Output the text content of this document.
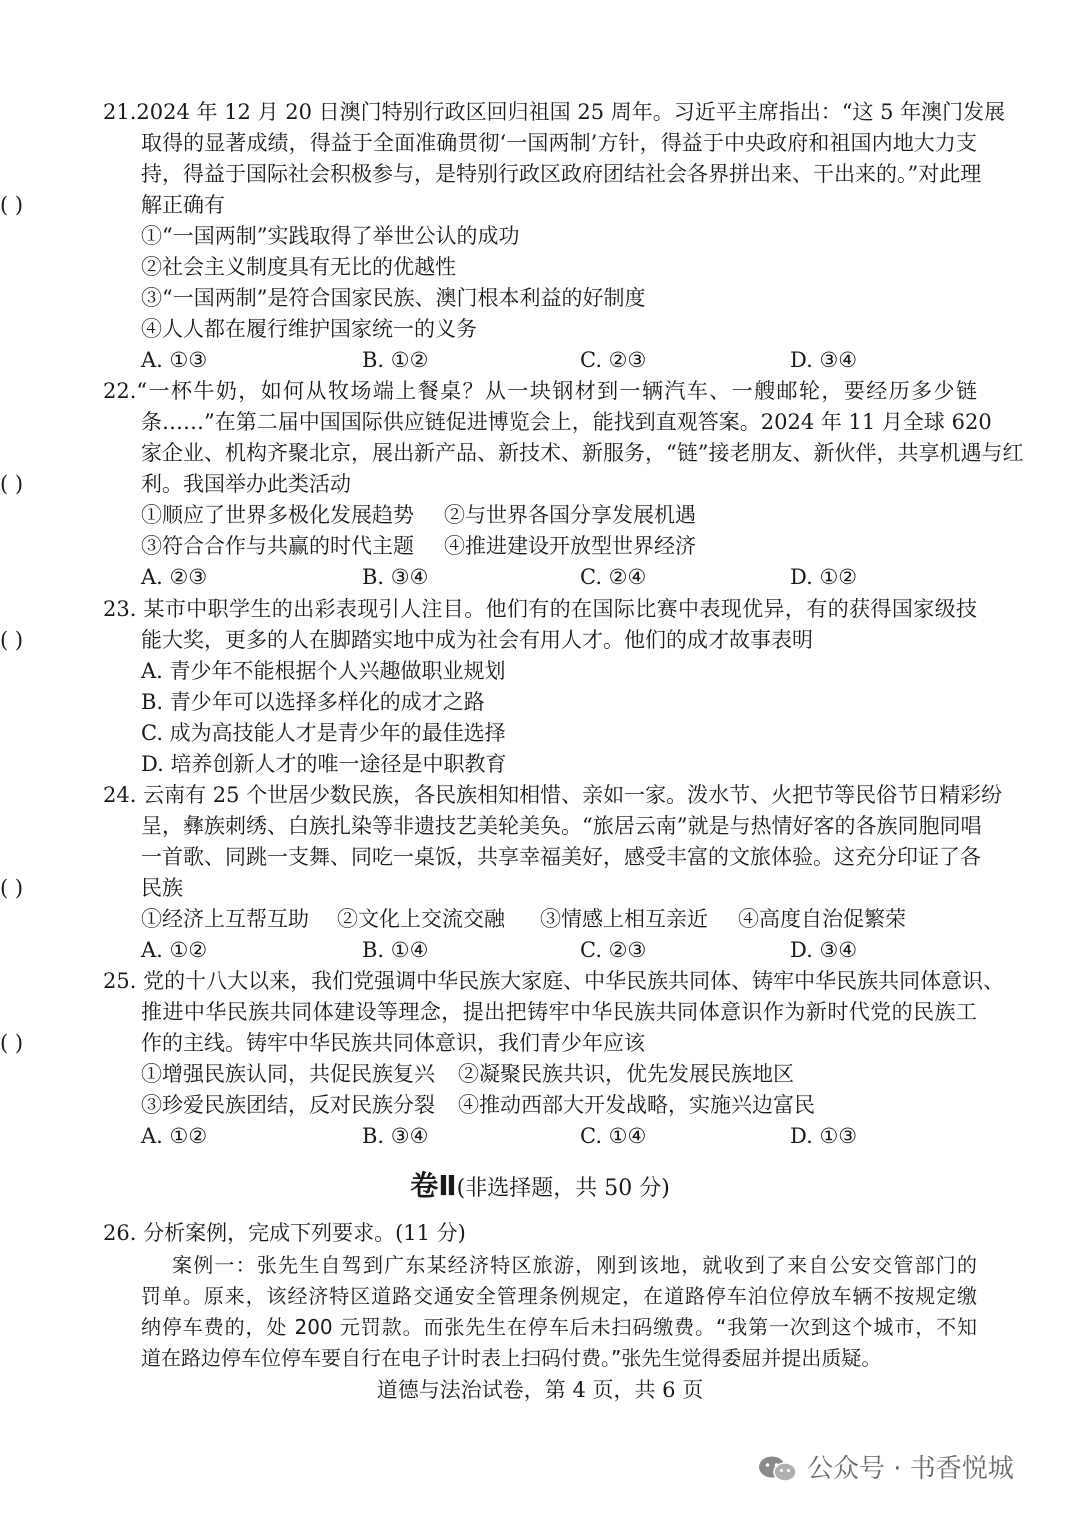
21.2024 年 12 月 20 日澳门特别行政区回归祖国 25 周年。习近平主席指出：“这 5 年澳门发展
取得的显著成绩，得益于全面准确贯彻‘一国两制’方针，得益于中央政府和祖国内地大力支
持，得益于国际社会积极参与，是特别行政区政府团结社会各界拼出来、干出来的。”对此理
解正确有
( )
①“一国两制”实践取得了举世公认的成功
②社会主义制度具有无比的优越性
③“一国两制”是符合国家民族、澳门根本利益的好制度
④人人都在履行维护国家统一的义务
A. ①③	B. ①②	C. ②③	D. ③④
22.“一杯牛奶，如何从牧场端上餐桌？从一块钢材到一辆汽车、一艘邮轮，要经历多少链
条……”在第二届中国国际供应链促进博览会上，能找到直观答案。2024 年 11 月全球 620
家企业、机构齐聚北京，展出新产品、新技术、新服务，“链”接老朋友、新伙伴，共享机遇与红
利。我国举办此类活动
( )
①顺应了世界多极化发展趋势 ②与世界各国分享发展机遇
③符合合作与共赢的时代主题 ④推进建设开放型世界经济
A. ②③	B. ③④	C. ②④	D. ①②
23. 某市中职学生的出彩表现引人注目。他们有的在国际比赛中表现优异，有的获得国家级技
能大奖，更多的人在脚踏实地中成为社会有用人才。他们的成才故事表明
( )
A. 青少年不能根据个人兴趣做职业规划
B. 青少年可以选择多样化的成才之路
C. 成为高技能人才是青少年的最佳选择
D. 培养创新人才的唯一途径是中职教育
24. 云南有 25 个世居少数民族，各民族相知相惜、亲如一家。泼水节、火把节等民俗节日精彩纷
呈，彝族刺绣、白族扎染等非遗技艺美轮美奂。“旅居云南”就是与热情好客的各族同胞同唱
一首歌、同跳一支舞、同吃一桌饭，共享幸福美好，感受丰富的文旅体验。这充分印证了各
民族
( )
①经济上互帮互助 ②文化上交流交融 ③情感上相互亲近 ④高度自治促繁荣
A. ①②	B. ①④	C. ②③	D. ③④
25. 党的十八大以来，我们党强调中华民族大家庭、中华民族共同体、铸牢中华民族共同体意识、
推进中华民族共同体建设等理念，提出把铸牢中华民族共同体意识作为新时代党的民族工
作的主线。铸牢中华民族共同体意识，我们青少年应该
( )
①增强民族认同，共促民族复兴 ②凝聚民族共识，优先发展民族地区
③珍爱民族团结，反对民族分裂 ④推动西部大开发战略，实施兴边富民
A. ①②	B. ③④	C. ①④	D. ①③
卷Ⅱ(非选择题，共 50 分)
26. 分析案例，完成下列要求。(11 分)
案例一：张先生自驾到广东某经济特区旅游，刚到该地，就收到了来自公安交管部门的
罚单。原来，该经济特区道路交通安全管理条例规定，在道路停车泊位停放车辆不按规定缴
纳停车费的，处 200 元罚款。而张先生在停车后未扫码缴费。“我第一次到这个城市，不知
道在路边停车位停车要自行在电子计时表上扫码付费。”张先生觉得委屈并提出质疑。
道德与法治试卷，第 4 页，共 6 页
公众号 · 书香悦城
